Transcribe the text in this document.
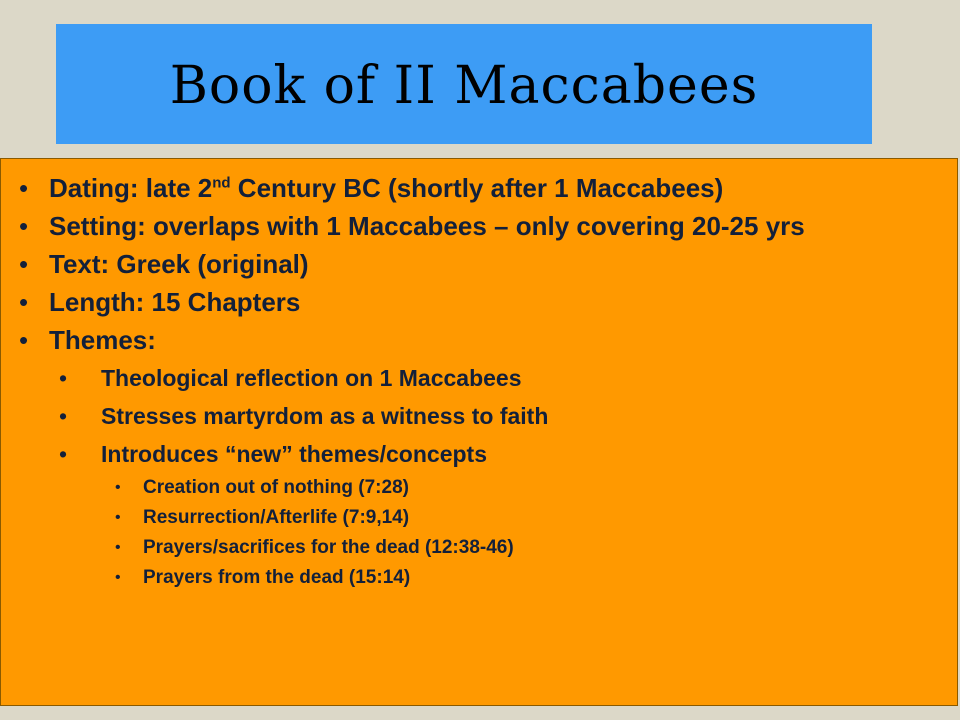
Book of II Maccabees
• Dating: late 2nd Century BC (shortly after 1 Maccabees)
• Setting: overlaps with 1 Maccabees – only covering 20-25 yrs
• Text: Greek (original)
• Length: 15 Chapters
• Themes:
• Theological reflection on 1 Maccabees
• Stresses martyrdom as a witness to faith
• Introduces “new” themes/concepts
• Creation out of nothing (7:28)
• Resurrection/Afterlife (7:9,14)
• Prayers/sacrifices for the dead (12:38-46)
• Prayers from the dead (15:14)
